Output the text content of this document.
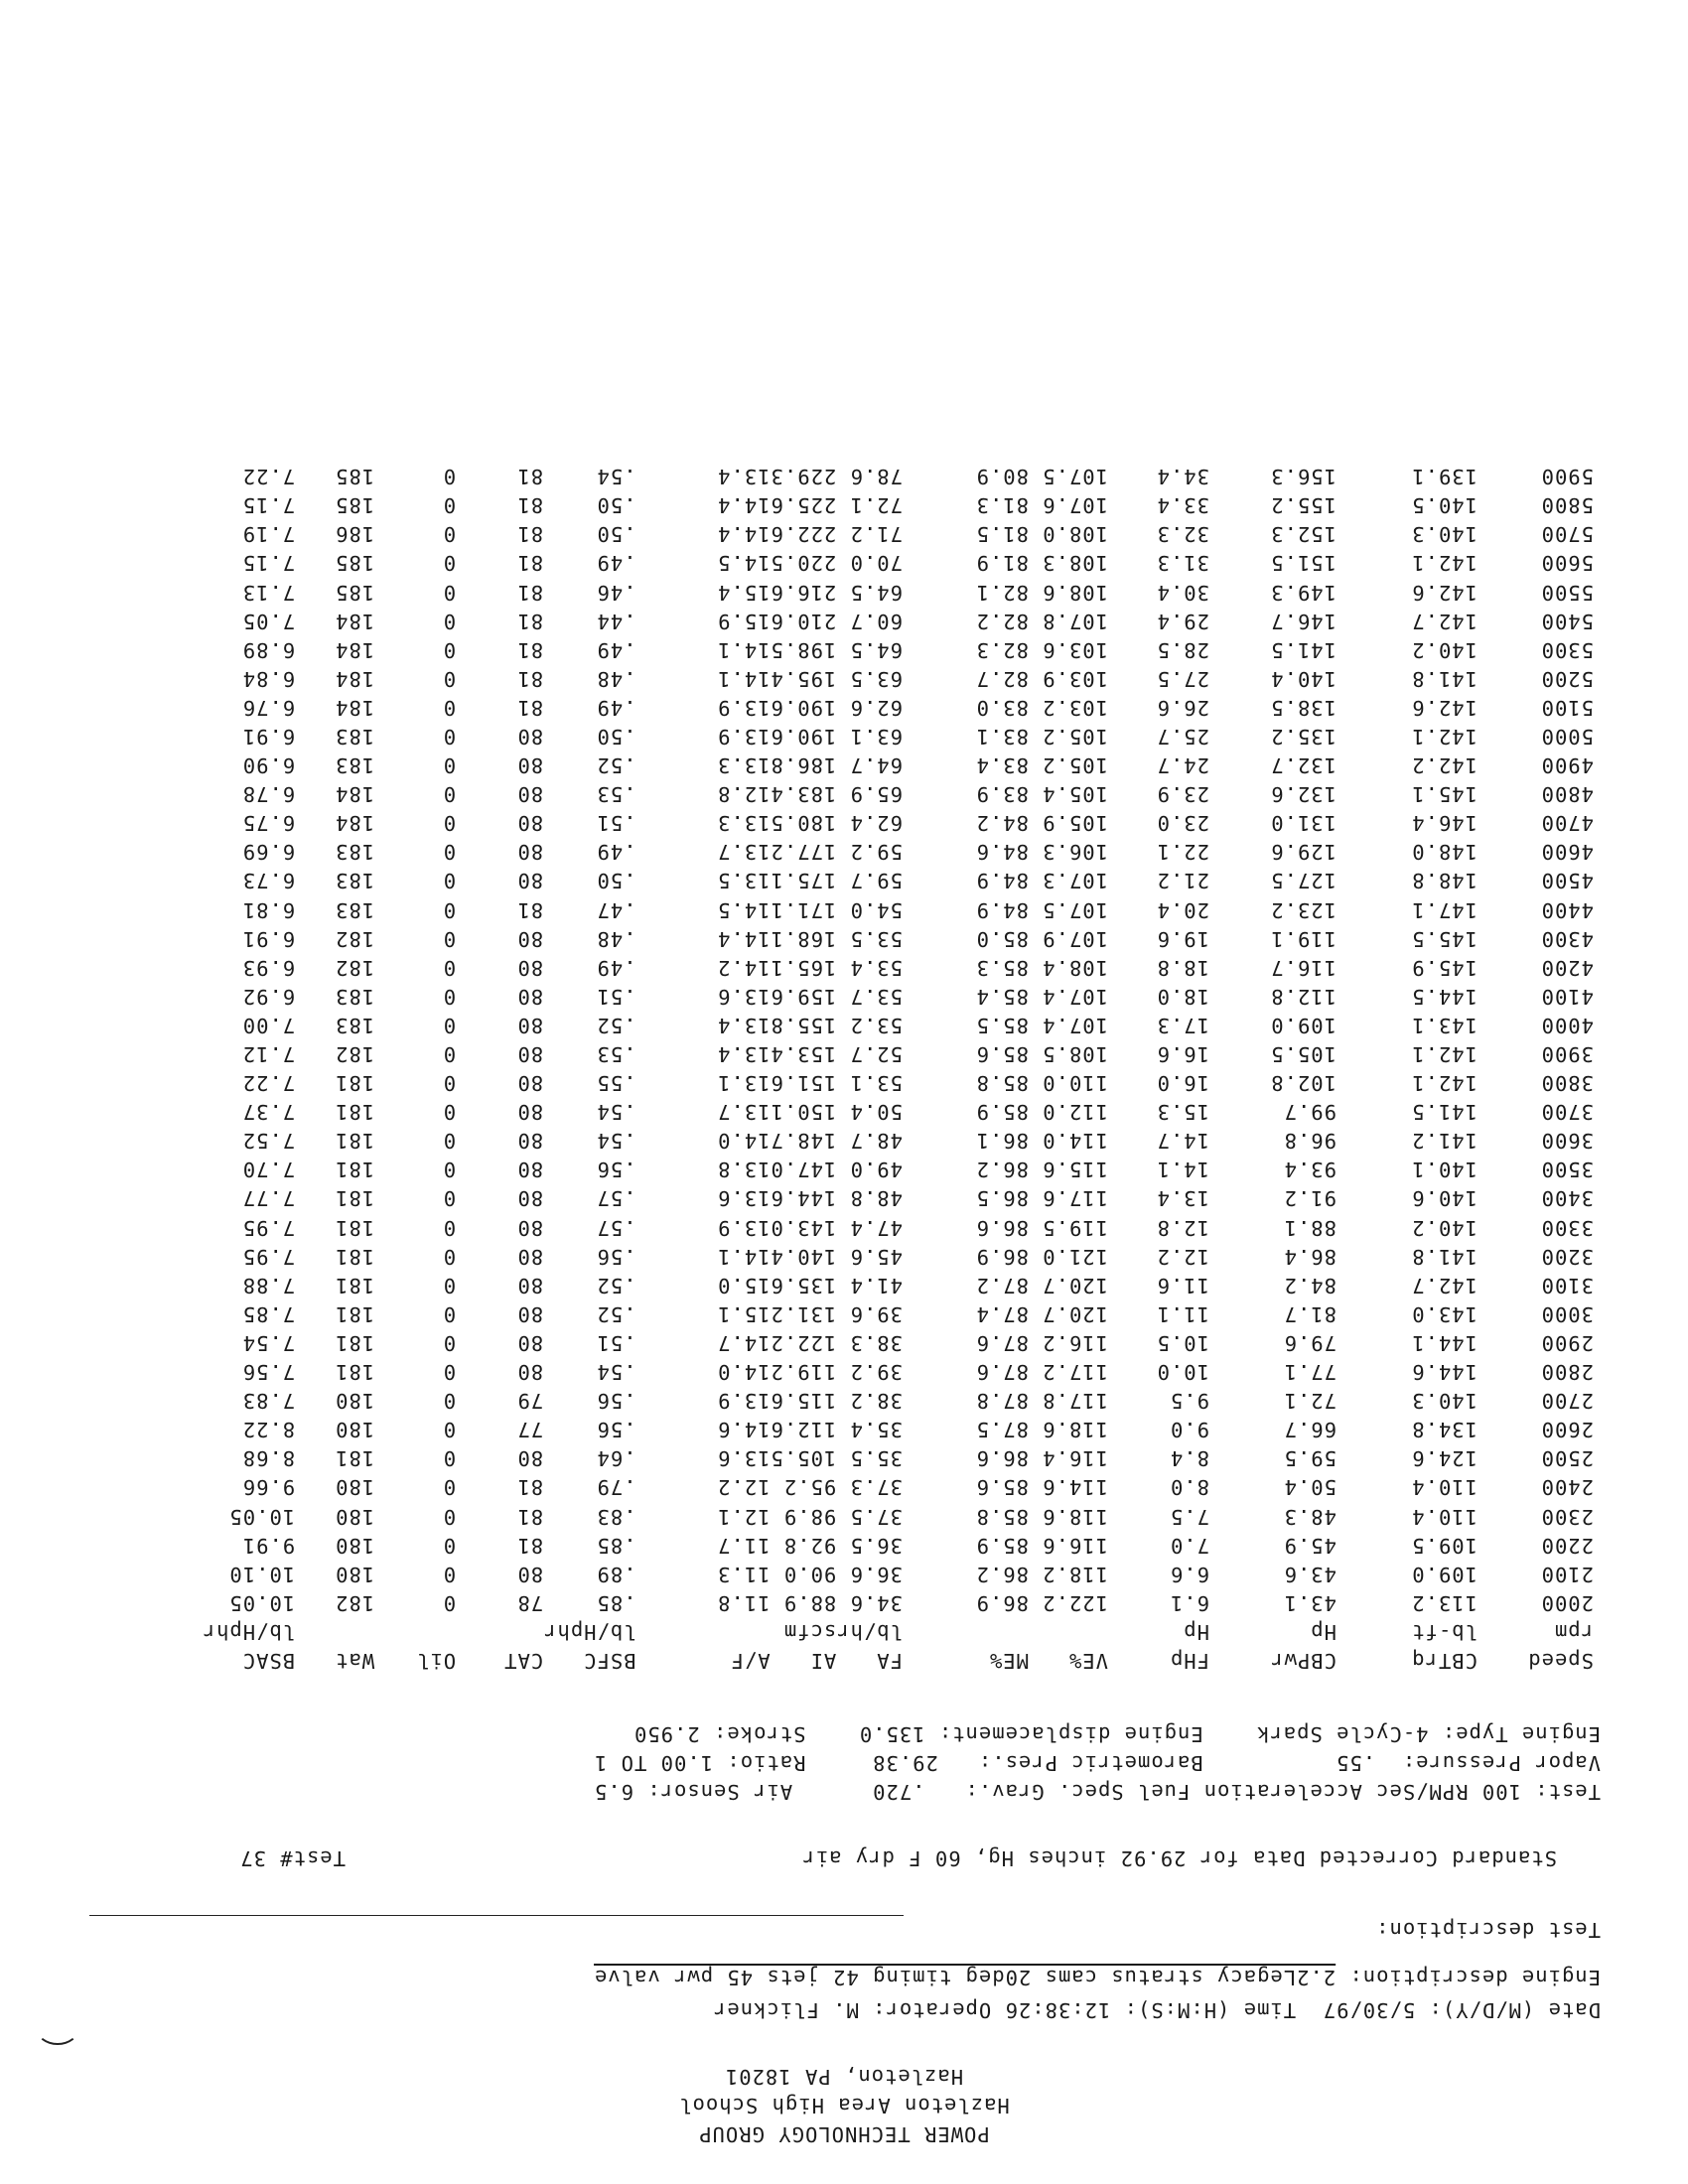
POWER TECHNOLOGY GROUP
Hazleton Area High School
Hazleton, PA 18201
Date (M/D/Y): 5/30/97  Time (H:M:S): 12:38:26 Operator: M. Flickner
Engine description: 2.2Legacy stratus cams 20deg timing 42 jets 45 pwr valve
Test description:
Standard Corrected Data for 29.92 inches Hg, 60 F dry air
Test# 37
Test: 100 RPM/Sec Acceleration Fuel Spec. Grav.:   .720      Air Sensor: 6.5
Vapor Pressure:  .55          Barometric Pres.:   29.38     Ratio: 1.00 TO 1
Engine Type: 4-Cycle Spark    Engine displacement: 135.0    Stroke: 2.950
Speed	CBTrq	CBPwr	FHp	VE%	ME%	FA	AI	A/F	BSFC	CAT	Oil	Wat	BSAC
rpm	lb-ft	Hp	Hp			lb/hr	scfm		lb/Hphr				lb/Hphr
2000	113.2	43.1	6.1	122.2	86.9	34.6	88.9	11.8	.85	78	0	182	10.05
2100	109.0	43.6	6.6	118.2	86.2	36.6	90.0	11.3	.89	80	0	180	10.10
2200	109.5	45.9	7.0	116.6	85.9	36.5	92.8	11.7	.85	81	0	180	9.91
2300	110.4	48.3	7.5	118.6	85.8	37.5	98.9	12.1	.83	81	0	180	10.05
2400	110.4	50.4	8.0	114.6	85.6	37.3	95.2	12.2	.79	81	0	180	9.66
2500	124.6	59.5	8.4	116.4	86.6	35.5	105.5	13.6	.64	80	0	181	8.68
2600	134.8	66.7	9.0	118.6	87.5	35.4	112.6	14.6	.56	77	0	180	8.22
2700	140.3	72.1	9.5	117.8	87.8	38.2	115.6	13.9	.56	79	0	180	7.83
2800	144.6	77.1	10.0	117.2	87.6	39.2	119.2	14.0	.54	80	0	181	7.56
2900	144.1	79.6	10.5	116.2	87.6	38.3	122.2	14.7	.51	80	0	181	7.54
3000	143.0	81.7	11.1	120.7	87.4	39.6	131.2	15.1	.52	80	0	181	7.85
3100	142.7	84.2	11.6	120.7	87.2	41.4	135.6	15.0	.52	80	0	181	7.88
3200	141.8	86.4	12.2	121.0	86.9	45.6	140.4	14.1	.56	80	0	181	7.95
3300	140.2	88.1	12.8	119.5	86.6	47.4	143.0	13.9	.57	80	0	181	7.95
3400	140.6	91.2	13.4	117.6	86.5	48.8	144.6	13.6	.57	80	0	181	7.77
3500	140.1	93.4	14.1	115.6	86.2	49.0	147.0	13.8	.56	80	0	181	7.70
3600	141.2	96.8	14.7	114.0	86.1	48.7	148.7	14.0	.54	80	0	181	7.52
3700	141.5	99.7	15.3	112.0	85.9	50.4	150.1	13.7	.54	80	0	181	7.37
3800	142.1	102.8	16.0	110.0	85.8	53.1	151.6	13.1	.55	80	0	181	7.22
3900	142.1	105.5	16.6	108.5	85.6	52.7	153.4	13.4	.53	80	0	182	7.12
4000	143.1	109.0	17.3	107.4	85.5	53.2	155.8	13.4	.52	80	0	183	7.00
4100	144.5	112.8	18.0	107.4	85.4	53.7	159.6	13.6	.51	80	0	183	6.92
4200	145.9	116.7	18.8	108.4	85.3	53.4	165.1	14.2	.49	80	0	182	6.93
4300	145.5	119.1	19.6	107.9	85.0	53.5	168.1	14.4	.48	80	0	182	6.91
4400	147.1	123.2	20.4	107.5	84.9	54.0	171.1	14.5	.47	81	0	183	6.81
4500	148.8	127.5	21.2	107.3	84.9	59.7	175.1	13.5	.50	80	0	183	6.73
4600	148.0	129.6	22.1	106.3	84.6	59.2	177.2	13.7	.49	80	0	183	6.69
4700	146.4	131.0	23.0	105.9	84.2	62.4	180.5	13.3	.51	80	0	184	6.75
4800	145.1	132.6	23.9	105.4	83.9	65.9	183.4	12.8	.53	80	0	184	6.78
4900	142.2	132.7	24.7	105.2	83.4	64.7	186.8	13.3	.52	80	0	183	6.90
5000	142.1	135.2	25.7	105.2	83.1	63.1	190.6	13.9	.50	80	0	183	6.91
5100	142.6	138.5	26.6	103.2	83.0	62.6	190.6	13.9	.49	81	0	184	6.76
5200	141.8	140.4	27.5	103.9	82.7	63.5	195.4	14.1	.48	81	0	184	6.84
5300	140.2	141.5	28.5	103.6	82.3	64.5	198.5	14.1	.49	81	0	184	6.89
5400	142.7	146.7	29.4	107.8	82.2	60.7	210.6	15.9	.44	81	0	184	7.05
5500	142.6	149.3	30.4	108.6	82.1	64.5	216.6	15.4	.46	81	0	185	7.13
5600	142.1	151.5	31.3	108.3	81.9	70.0	220.5	14.5	.49	81	0	185	7.15
5700	140.3	152.3	32.3	108.0	81.5	71.2	222.6	14.4	.50	81	0	186	7.19
5800	140.5	155.2	33.4	107.6	81.3	72.1	225.6	14.4	.50	81	0	185	7.15
5900	139.1	156.3	34.4	107.5	80.9	78.6	229.3	13.4	.54	81	0	185	7.22
